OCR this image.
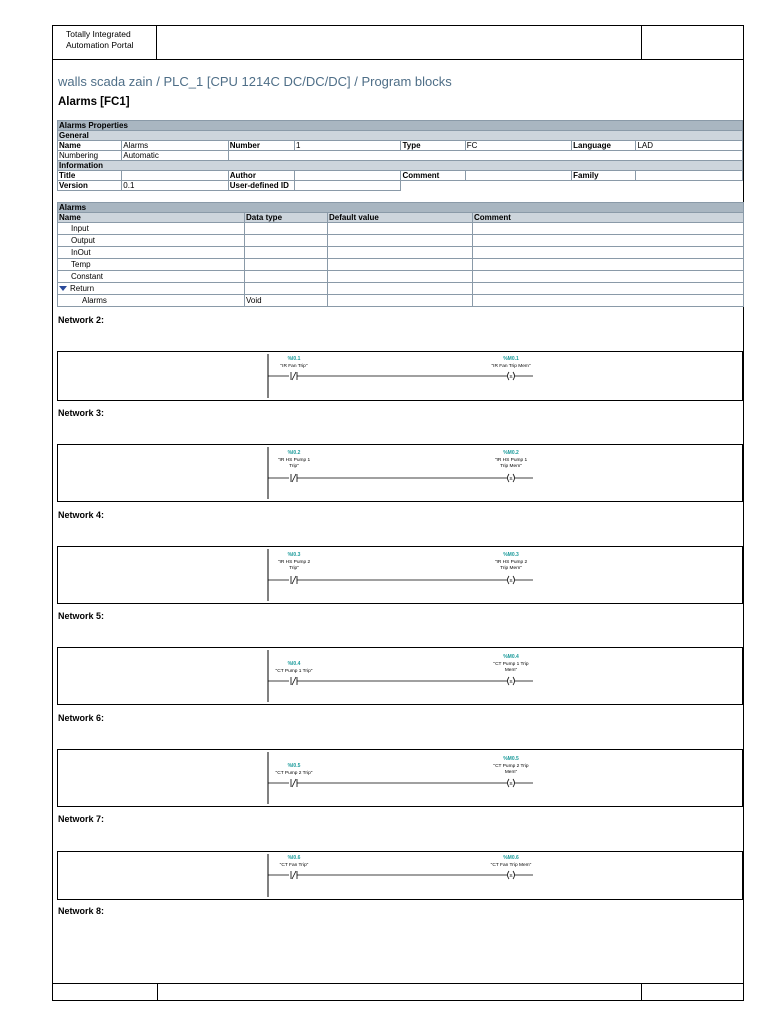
Totally Integrated
Automation Portal
walls scada zain / PLC_1 [CPU 1214C DC/DC/DC] / Program blocks
Alarms [FC1]
Alarms Properties							
General							
Name	Alarms	Number	1	Type	FC	Language	LAD
Numbering	Automatic						
Information							
Title		Author		Comment		Family	
Version	0.1	User-defined ID					
Alarms			
Name	Data type	Default value	Comment
Input			
Output			
InOut			
Temp			
Constant			
Return			
Alarms	Void		
Network 2:
%I0.1
"IR Fan Trip"
%M0.1
"IR Fan Trip Mem"
S
Network 3:
%I0.2
"IR HS Pump 1
Trip"
%M0.2
"IR HS Pump 1
Trip Mem"
S
Network 4:
%I0.3
"IR HS Pump 2
Trip"
%M0.3
"IR HS Pump 2
Trip Mem"
S
Network 5:
%I0.4
"CT Pump 1 Trip"
%M0.4
"CT Pump 1 Trip
Mem"
S
Network 6:
%I0.5
"CT Pump 2 Trip"
%M0.5
"CT Pump 2 Trip
Mem"
S
Network 7:
%I0.6
"CT Fan Trip"
%M0.6
"CT Fan Trip Mem"
S
Network 8:
